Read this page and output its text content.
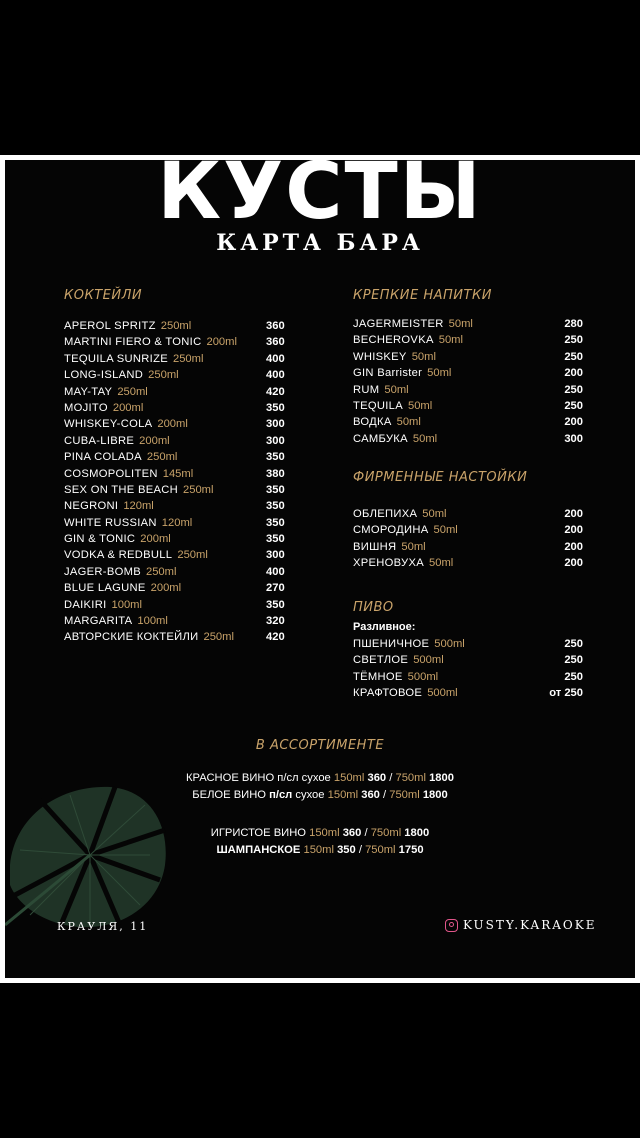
КУСТЫ
КАРТА БАРА
КОКТЕЙЛИ
APEROL SPRITZ 250ml	360
MARTINI FIERO & TONIC 200ml	360
TEQUILA SUNRIZE 250ml	400
LONG-ISLAND 250ml	400
MAY-TAY 250ml	420
MOJITO 200ml	350
WHISKEY-COLA 200ml	300
CUBA-LIBRE 200ml	300
PINA COLADA 250ml	350
COSMOPOLITEN 145ml	380
SEX ON THE BEACH 250ml	350
NEGRONI 120ml	350
WHITE RUSSIAN 120ml	350
GIN & TONIC 200ml	350
VODKA & REDBULL 250ml	300
JAGER-BOMB 250ml	400
BLUE LAGUNE 200ml	270
DAIKIRI 100ml	350
MARGARITA 100ml	320
АВТОРСКИЕ КОКТЕЙЛИ 250ml	420
КРЕПКИЕ НАПИТКИ
JAGERMEISTER 50ml	280
BECHEROVKA 50ml	250
WHISKEY 50ml	250
GIN Barrister 50ml	200
RUM 50ml	250
TEQUILA 50ml	250
ВОДКА 50ml	200
САМБУКА 50ml	300
ФИРМЕННЫЕ НАСТОЙКИ
ОБЛЕПИХА 50ml	200
СМОРОДИНА 50ml	200
ВИШНЯ 50ml	200
ХРЕНОВУХА 50ml	200
ПИВО
Разливное:
ПШЕНИЧНОЕ 500ml	250
СВЕТЛОЕ 500ml	250
ТЁМНОЕ 500ml	250
КРАФТОВОЕ 500ml	от 250
В АССОРТИМЕНТЕ
КРАСНОЕ ВИНО п/сл сухое 150ml 360 / 750ml 1800
БЕЛОЕ ВИНО п/сл сухое 150ml 360 / 750ml 1800
ИГРИСТОЕ ВИНО 150ml 360 / 750ml 1800
ШАМПАНСКОЕ 150ml 350 / 750ml 1750
КРАУЛЯ, 11	KUSTY.KARAOKE
